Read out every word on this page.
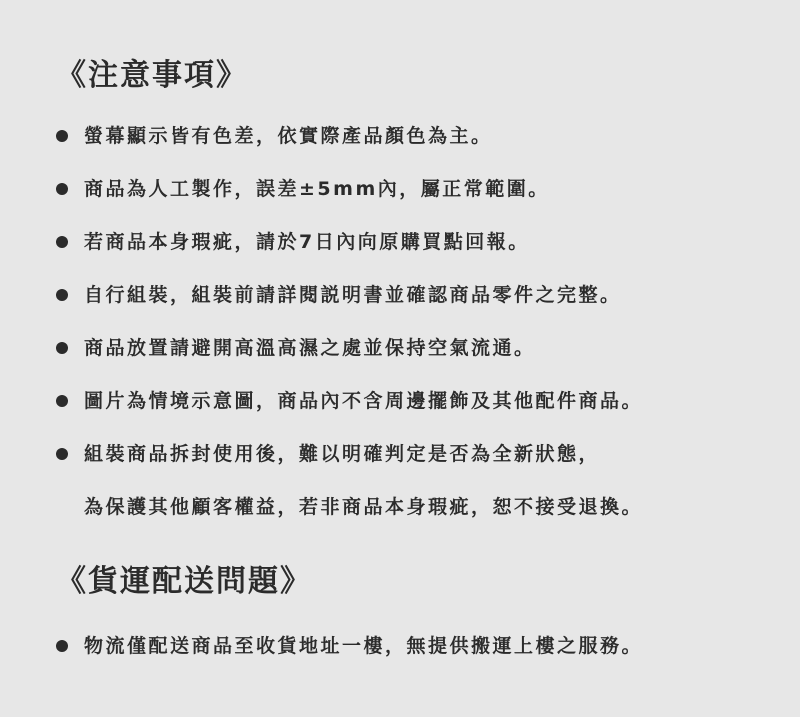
《注意事項》
螢幕顯示皆有色差，依實際產品顏色為主。
商品為人工製作，誤差±5mm內，屬正常範圍。
若商品本身瑕疵，請於7日內向原購買點回報。
自行組裝，組裝前請詳閱説明書並確認商品零件之完整。
商品放置請避開高溫高濕之處並保持空氣流通。
圖片為情境示意圖，商品內不含周邊擺飾及其他配件商品。
組裝商品拆封使用後，難以明確判定是否為全新狀態，
為保護其他顧客權益，若非商品本身瑕疵，恕不接受退換。
《貨運配送問題》
物流僅配送商品至收貨地址一樓，無提供搬運上樓之服務。
